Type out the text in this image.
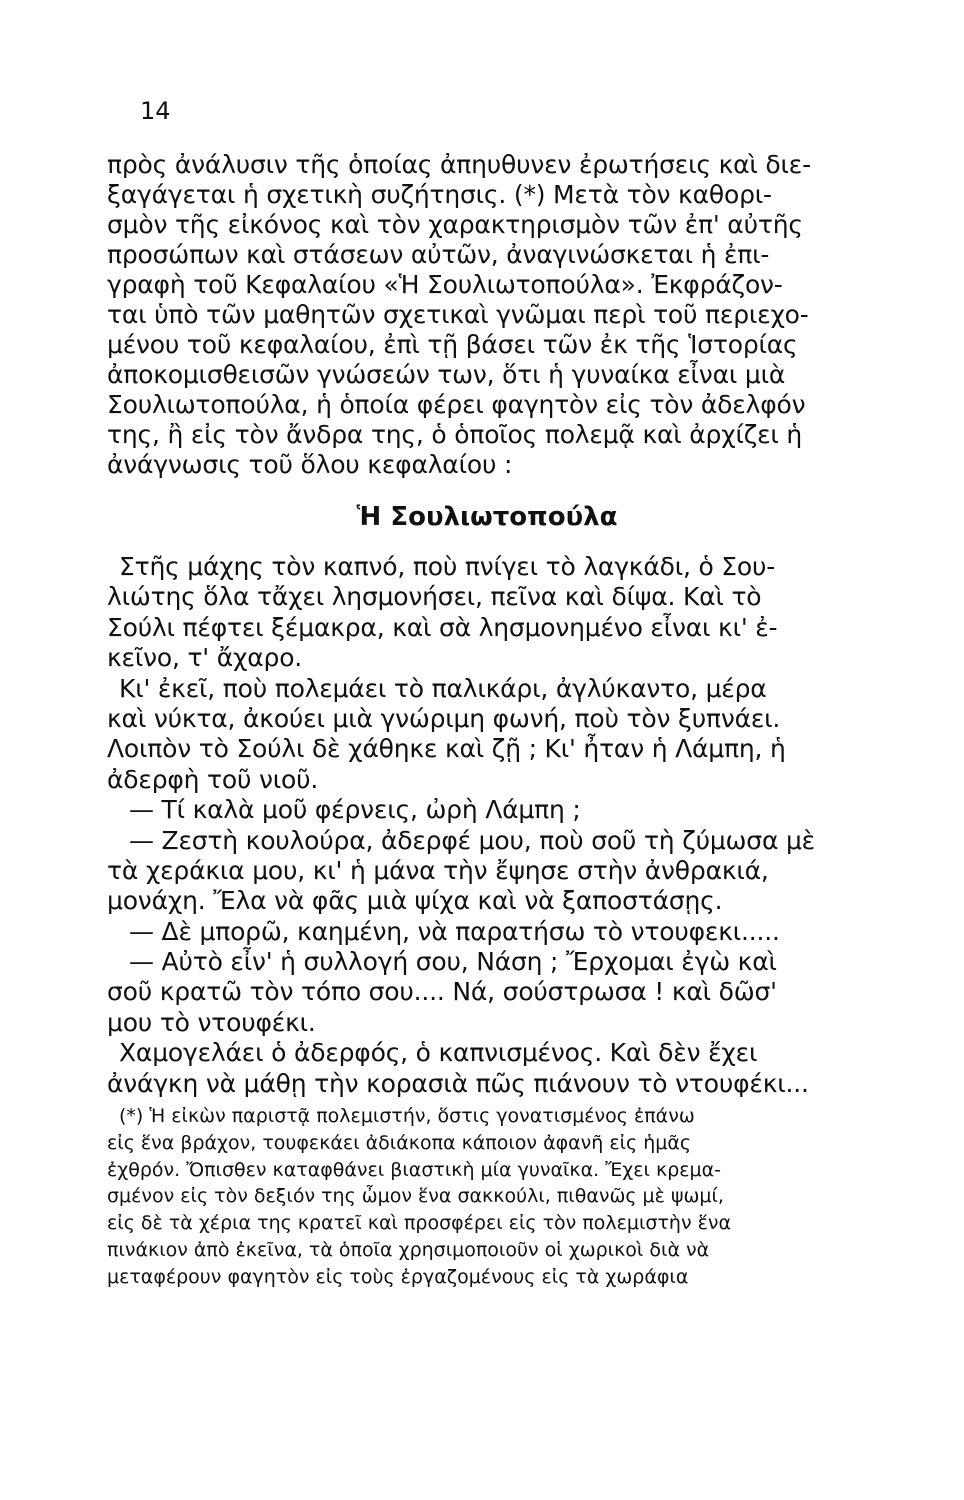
14
πρὸς ἀνάλυσιν τῆς ὁποίας ἀπηυθυνεν ἐρωτήσεις καὶ διε-
ξαγάγεται ἡ σχετικὴ συζήτησις. (*) Μετὰ τὸν καθορι-
σμὸν τῆς εἰκόνος καὶ τὸν χαρακτηρισμὸν τῶν ἐπ' αὐτῆς
προσώπων καὶ στάσεων αὐτῶν, ἀναγινώσκεται ἡ ἐπι-
γραφὴ τοῦ Κεφαλαίου «Ἡ Σουλιωτοπούλα». Ἐκφράζον-
ται ὑπὸ τῶν μαθητῶν σχετικαὶ γνῶμαι περὶ τοῦ περιεχο-
μένου τοῦ κεφαλαίου, ἐπὶ τῇ βάσει τῶν ἐκ τῆς Ἱστορίας
ἀποκομισθεισῶν γνώσεών των, ὅτι ἡ γυναίκα εἶναι μιὰ
Σουλιωτοπούλα, ἡ ὁποία φέρει φαγητὸν εἰς τὸν ἀδελφόν
της, ἢ εἰς τὸν ἄνδρα της, ὁ ὁποῖος πολεμᾷ καὶ ἀρχίζει ἡ
ἀνάγνωσις τοῦ ὅλου κεφαλαίου :
Ἡ Σουλιωτοπούλα
Στῆς μάχης τὸν καπνό, ποὺ πνίγει τὸ λαγκάδι, ὁ Σου-
λιώτης ὅλα τἄχει λησμονήσει, πεῖνα καὶ δίψα. Καὶ τὸ
Σούλι πέφτει ξέμακρα, καὶ σὰ λησμονημένο εἶναι κι' ἐ-
κεῖνο, τ' ἄχαρο.
Κι' ἐκεῖ, ποὺ πολεμάει τὸ παλικάρι, ἀγλύκαντο, μέρα
καὶ νύκτα, ἀκούει μιὰ γνώριμη φωνή, ποὺ τὸν ξυπνάει.
Λοιπὸν τὸ Σούλι δὲ χάθηκε καὶ ζῇ ; Κι' ἦταν ἡ Λάμπη, ἡ
ἀδερφὴ τοῦ νιοῦ.
— Τί καλὰ μοῦ φέρνεις, ὠρὴ Λάμπη ;
— Ζεστὴ κουλούρα, ἀδερφέ μου, ποὺ σοῦ τὴ ζύμωσα μὲ
τὰ χεράκια μου, κι' ἡ μάνα τὴν ἔψησε στὴν ἀνθρακιά,
μονάχη. Ἔλα νὰ φᾶς μιὰ ψίχα καὶ νὰ ξαποστάσῃς.
— Δὲ μπορῶ, καημένη, νὰ παρατήσω τὸ ντουφεκι.....
— Αὐτὸ εἶν' ἡ συλλογή σου, Νάση ; Ἔρχομαι ἐγὼ καὶ
σοῦ κρατῶ τὸν τόπο σου.... Νά, σούστρωσα ! καὶ δῶσ'
μου τὸ ντουφέκι.
Χαμογελάει ὁ ἀδερφός, ὁ καπνισμένος. Καὶ δὲν ἔχει
ἀνάγκη νὰ μάθῃ τὴν κορασιὰ πῶς πιάνουν τὸ ντουφέκι...
(*) Ἡ εἰκὼν παριστᾷ πολεμιστήν, ὅστις γονατισμένος ἐπάνω
εἰς ἕνα βράχον, τουφεκάει ἀδιάκοπα κάποιον ἀφανῆ εἰς ἡμᾶς
ἐχθρόν. Ὄπισθεν καταφθάνει βιαστικὴ μία γυναῖκα. Ἔχει κρεμα-
σμένον εἰς τὸν δεξιόν της ὦμον ἕνα σακκούλι, πιθανῶς μὲ ψωμί,
εἰς δὲ τὰ χέρια της κρατεῖ καὶ προσφέρει εἰς τὸν πολεμιστὴν ἕνα
πινάκιον ἀπὸ ἐκεῖνα, τὰ ὁποῖα χρησιμοποιοῦν οἱ χωρικοὶ διὰ νὰ
μεταφέρουν φαγητὸν εἰς τοὺς ἐργαζομένους εἰς τὰ χωράφια
